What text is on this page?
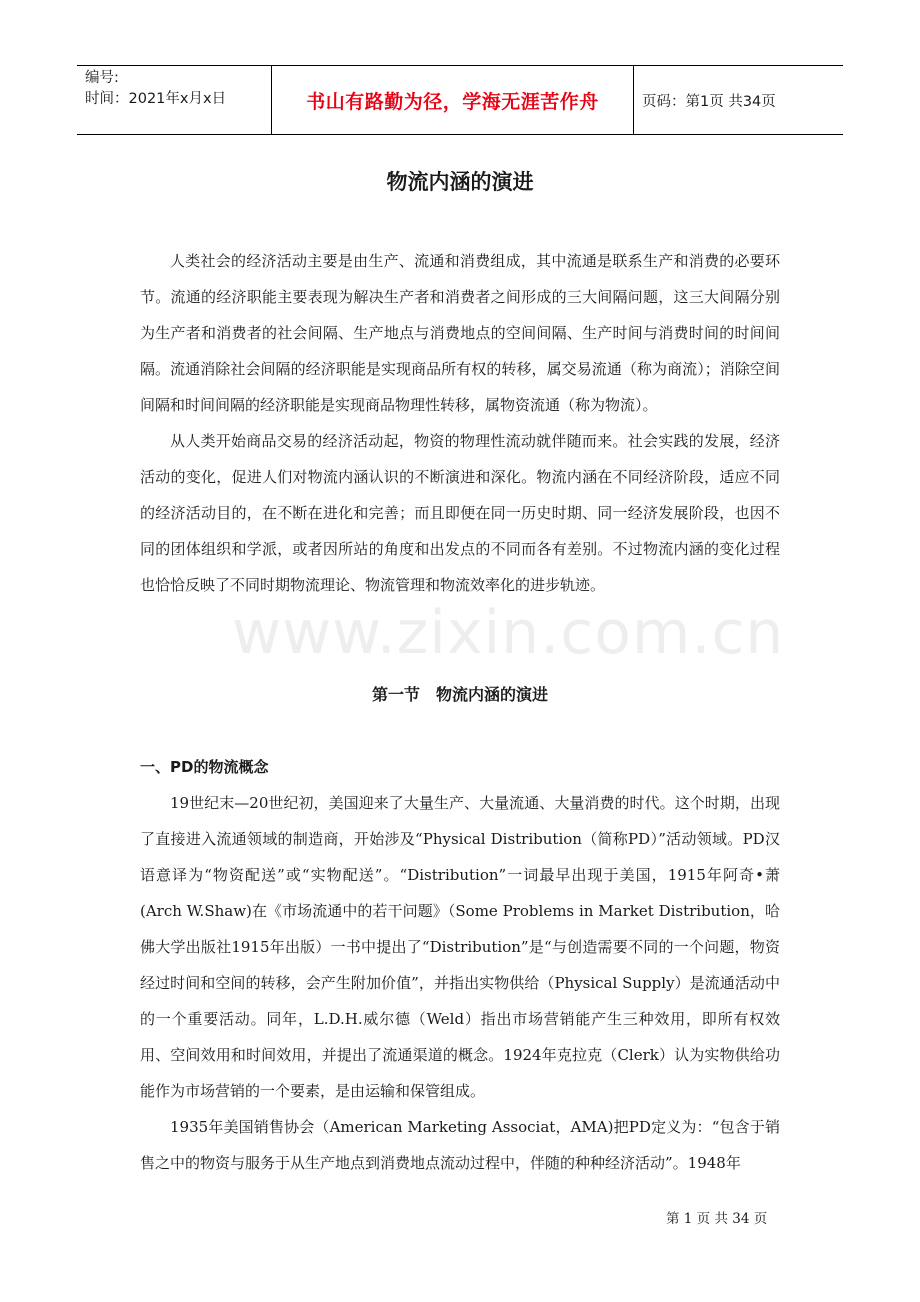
编号:
时间：2021年x月x日	书山有路勤为径，学海无涯苦作舟	页码：第1页 共34页
物流内涵的演进

人类社会的经济活动主要是由生产、流通和消费组成，其中流通是联系生产和消费的必要环节。流通的经济职能主要表现为解决生产者和消费者之间形成的三大间隔问题，这三大间隔分别为生产者和消费者的社会间隔、生产地点与消费地点的空间间隔、生产时间与消费时间的时间间隔。流通消除社会间隔的经济职能是实现商品所有权的转移，属交易流通（称为商流）；消除空间间隔和时间间隔的经济职能是实现商品物理性转移，属物资流通（称为物流）。

从人类开始商品交易的经济活动起，物资的物理性流动就伴随而来。社会实践的发展，经济活动的变化，促进人们对物流内涵认识的不断演进和深化。物流内涵在不同经济阶段，适应不同的经济活动目的，在不断在进化和完善；而且即便在同一历史时期、同一经济发展阶段，也因不同的团体组织和学派，或者因所站的角度和出发点的不同而各有差别。不过物流内涵的变化过程也恰恰反映了不同时期物流理论、物流管理和物流效率化的进步轨迹。

www.zixin.com.cn
第一节　物流内涵的演进
一、PD的物流概念

19世纪末—20世纪初，美国迎来了大量生产、大量流通、大量消费的时代。这个时期，出现了直接进入流通领域的制造商，开始涉及“Physical Distribution（简称PD）”活动领域。PD汉语意译为“物资配送”或“实物配送”。“Distribution”一词最早出现于美国，1915年阿奇•萧(Arch W.Shaw)在《市场流通中的若干问题》（Some Problems in Market Distribution，哈佛大学出版社1915年出版）一书中提出了“Distribution”是“与创造需要不同的一个问题，物资经过时间和空间的转移，会产生附加价值”，并指出实物供给（Physical Supply）是流通活动中的一个重要活动。同年，L.D.H.威尔德（Weld）指出市场营销能产生三种效用，即所有权效用、空间效用和时间效用，并提出了流通渠道的概念。1924年克拉克（Clerk）认为实物供给功能作为市场营销的一个要素，是由运输和保管组成。

1935年美国销售协会（American Marketing Associat，AMA)把PD定义为：“包含于销售之中的物资与服务于从生产地点到消费地点流动过程中，伴随的种种经济活动”。1948年

第 1 页 共 34 页
